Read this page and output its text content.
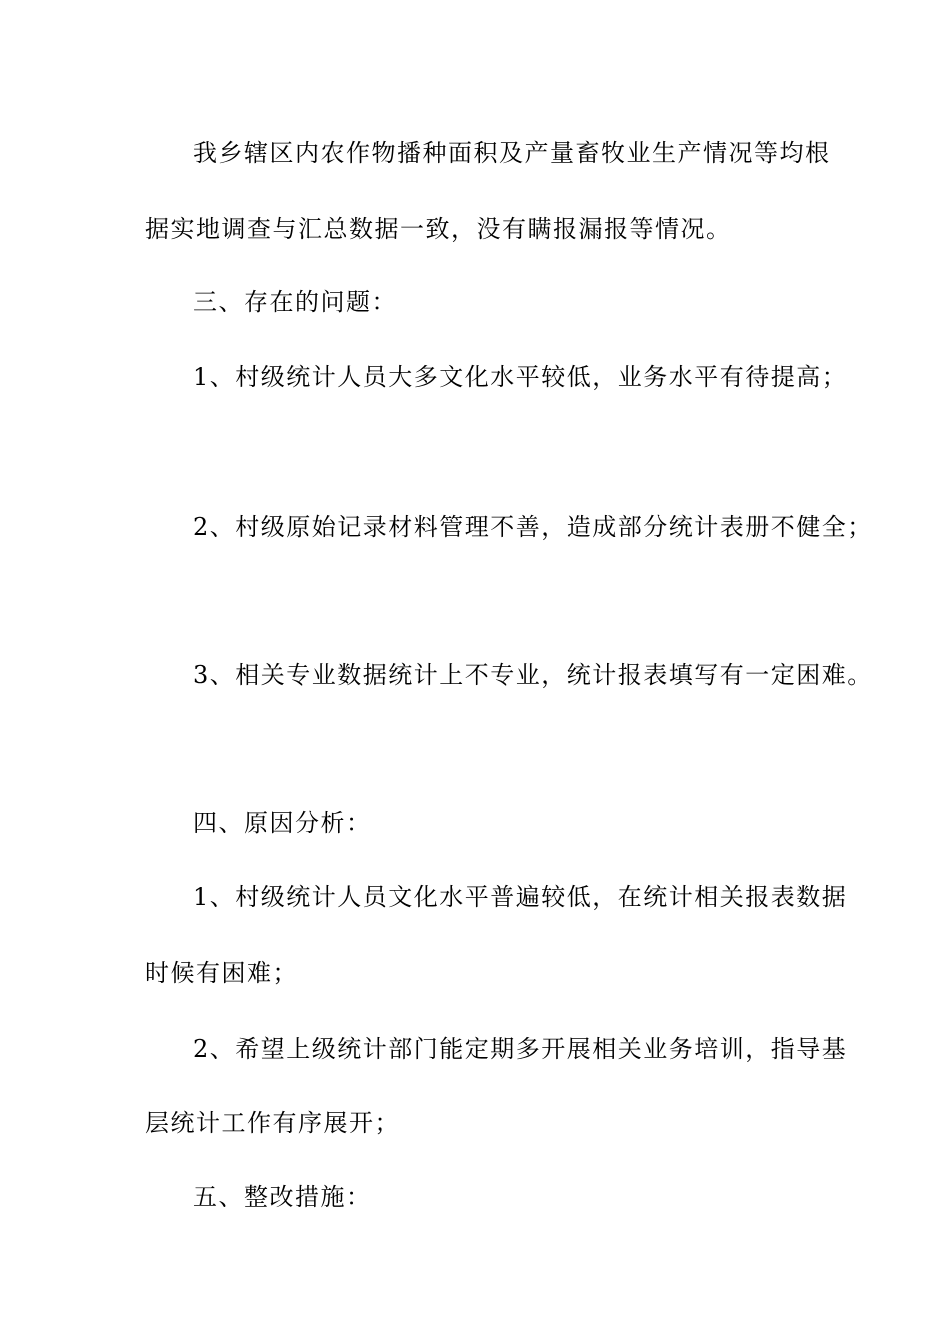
我乡辖区内农作物播种面积及产量畜牧业生产情况等均根
据实地调查与汇总数据一致，没有瞒报漏报等情况。
三、存在的问题：
1、村级统计人员大多文化水平较低，业务水平有待提高；
2、村级原始记录材料管理不善，造成部分统计表册不健全；
3、相关专业数据统计上不专业，统计报表填写有一定困难。
四、原因分析：
1、村级统计人员文化水平普遍较低，在统计相关报表数据
时候有困难；
2、希望上级统计部门能定期多开展相关业务培训，指导基
层统计工作有序展开；
五、整改措施：
